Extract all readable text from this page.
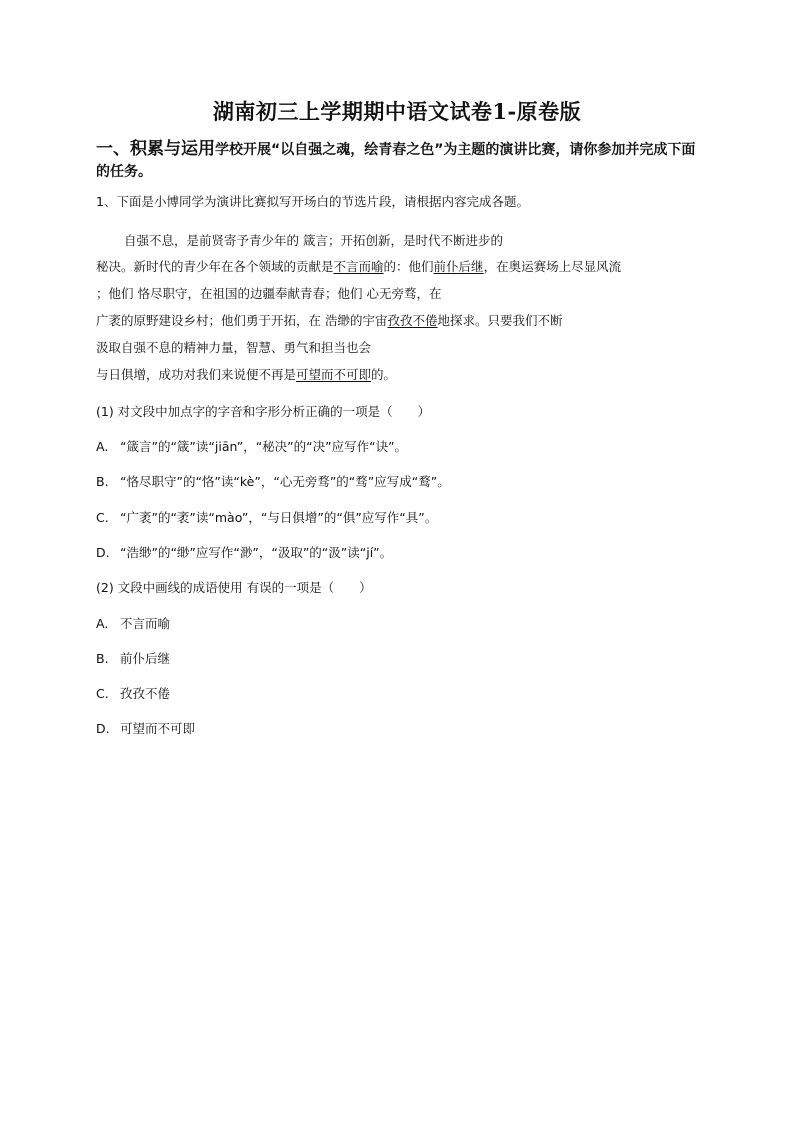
湖南初三上学期期中语文试卷1-原卷版
一、积累与运用学校开展“以自强之魂，绘青春之色”为主题的演讲比赛，请你参加并完成下面的任务。
1、下面是小博同学为演讲比赛拟写开场白的节选片段，请根据内容完成各题。
自强不息，是前贤寄予青少年的 箴言；开拓创新，是时代不断进步的
秘决。新时代的青少年在各个领域的贡献是不言而喻的：他们前仆后继，在奥运赛场上尽显风流
；他们 恪尽职守，在祖国的边疆奉献青春；他们 心无旁骛，在
广袤的原野建设乡村；他们勇于开拓，在 浩缈的宇宙孜孜不倦地探求。只要我们不断
汲取自强不息的精神力量，智慧、勇气和担当也会
与日俱增，成功对我们来说便不再是可望而不可即的。
(1) 对文段中加点字的字音和字形分析正确的一项是（　　）
A. “箴言”的“箴”读“jiān”，“秘决”的“决”应写作“诀”。
B. “恪尽职守”的“恪”读“kè”，“心无旁骛”的“骛”应写成“鹜”。
C. “广袤”的“袤”读“mào”，“与日俱增”的“俱”应写作“具”。
D. “浩缈”的“缈”应写作“渺”，“汲取”的“汲”读“jí”。
(2) 文段中画线的成语使用 有误的一项是（　　）
A. 不言而喻
B. 前仆后继
C. 孜孜不倦
D. 可望而不可即
